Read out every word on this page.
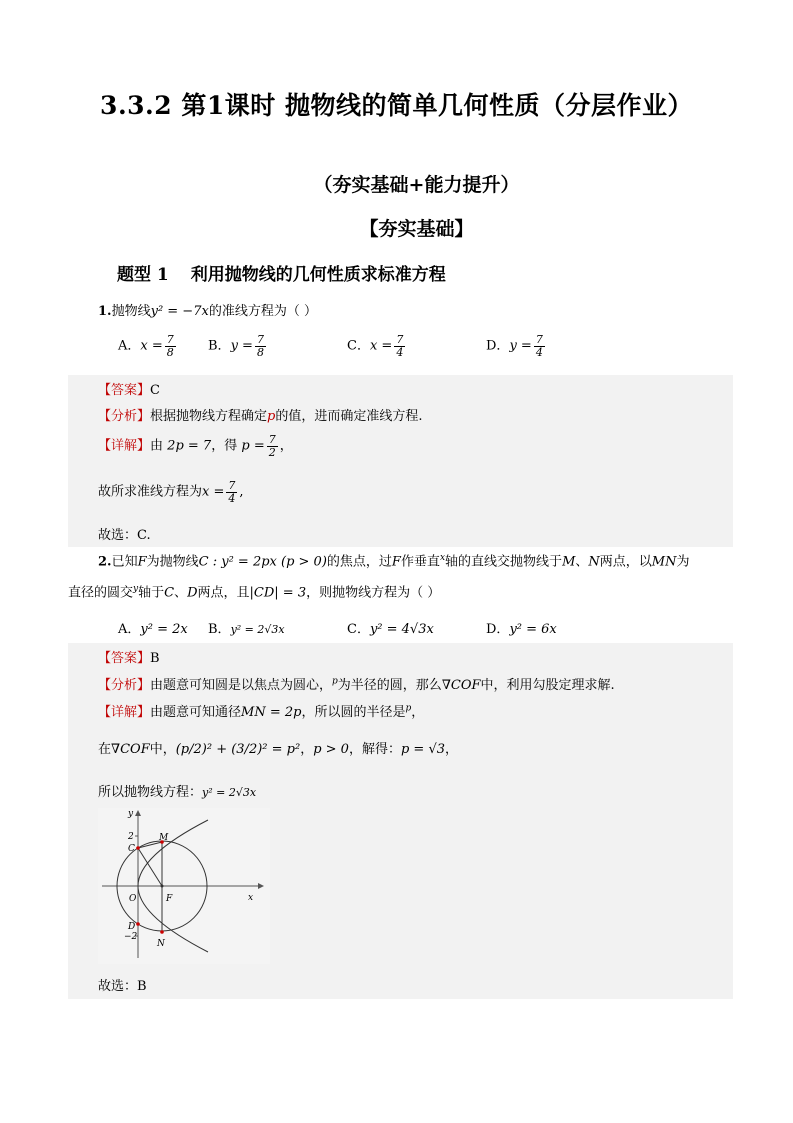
3.3.2 第1课时 抛物线的简单几何性质（分层作业）
（夯实基础+能力提升）
【夯实基础】
题型 1 利用抛物线的几何性质求标准方程
1.抛物线y² = −7x的准线方程为（ ）
A．$x = \frac{7}{8}$ B．$y = \frac{7}{8}$	C．$x = \frac{7}{4}$	D．$y = \frac{7}{4}$
【答案】C
【分析】根据抛物线方程确定p的值，进而确定准线方程.
【详解】由 2p = 7，得 $p = \frac{7}{2}$ ，
故所求准线方程为$x = \frac{7}{4}$ ,
故选：C.
2.已知F为抛物线C : y² = 2px (p > 0)的焦点，过F作垂直$^x$轴的直线交抛物线于M、N两点，以MN为
直径的圆交$^y$轴于C、D两点，且|CD| = 3，则抛物线方程为（ ）
A．y² = 2x B．y² = 2√3x	C．y² = 4√3x	D．y² = 6x
【答案】B
【分析】由题意可知圆是以焦点为圆心，$^p$为半径的圆，那么∇COF中，利用勾股定理求解.
【详解】由题意可知通径MN = 2p，所以圆的半径是$^p$，
在∇COF中，(p/2)² + (3/2)² = p²，p > 0，解得：p = √3，
所以抛物线方程：y² = 2√3x
2
−2
y
x
O	F
M
N
C
D
故选：B
